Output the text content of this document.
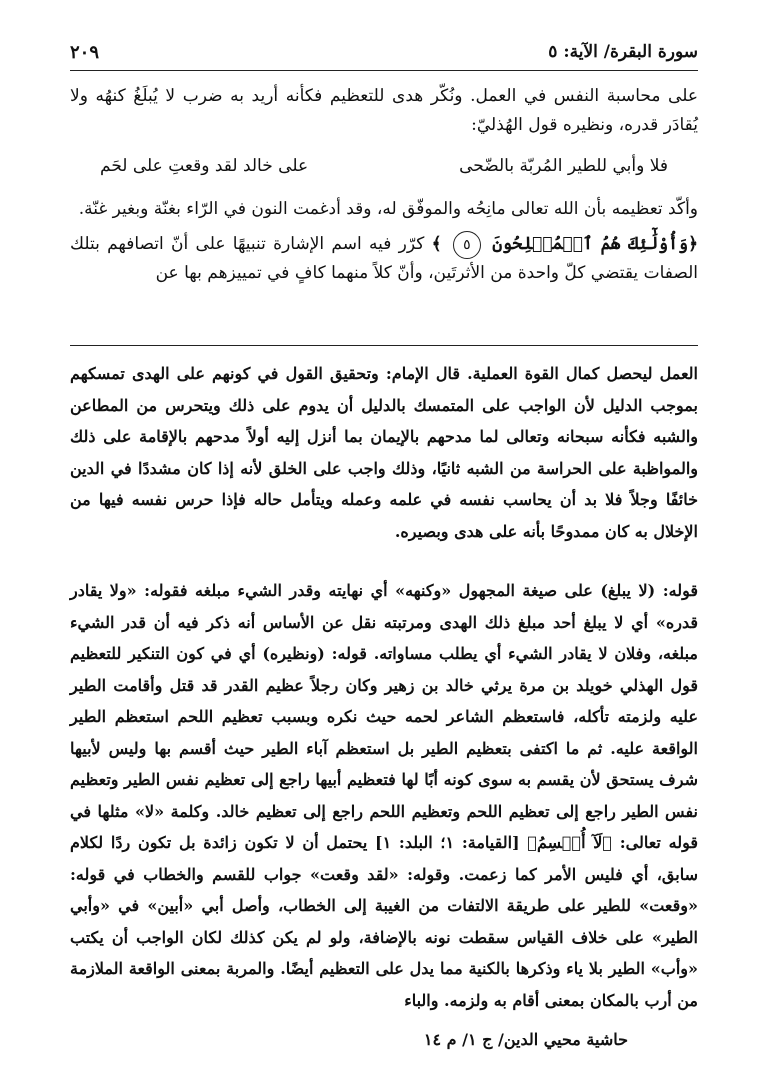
سورة البقرة/ الآية: ٥
٢٠٩

على محاسبة النفس في العمل. ونُكّر هدى للتعظيم فكأنه أريد به ضرب لا يُبلَغُ كنهُه ولا يُقادَر قدره، ونظيره قول الهُذليّ:

فلا وأبي للطير المُربّة بالضّحى
على خالد لقد وقعتِ على لحَم

وأكّد تعظيمه بأن الله تعالى مانِحُه والموفّق له، وقد أدغمت النون في الرّاء بغنّة وبغير غنّة.

﴿وَأُوْلَٰٓئِكَ هُمُ ٱلۡمُفۡلِحُونَ ٥ ﴾ كرّر فيه اسم الإشارة تنبيهًا على أنّ اتصافهم بتلك الصفات يقتضي كلّ واحدة من الأثرتَين، وأنّ كلاً منهما كافٍ في تمييزهم بها عن

العمل ليحصل كمال القوة العملية. قال الإمام: وتحقيق القول في كونهم على الهدى تمسكهم بموجب الدليل لأن الواجب على المتمسك بالدليل أن يدوم على ذلك ويتحرس من المطاعن والشبه فكأنه سبحانه وتعالى لما مدحهم بالإيمان بما أنزل إليه أولاً مدحهم بالإقامة على ذلك والمواظبة على الحراسة من الشبه ثانيًا، وذلك واجب على الخلق لأنه إذا كان مشددًا في الدين خائفًا وجلاً فلا بد أن يحاسب نفسه في علمه وعمله ويتأمل حاله فإذا حرس نفسه فيها من الإخلال به كان ممدوحًا بأنه على هدى وبصيره.

قوله: (لا يبلغ) على صيغة المجهول «وكنهه» أي نهايته وقدر الشيء مبلغه فقوله: «ولا يقادر قدره» أي لا يبلغ أحد مبلغ ذلك الهدى ومرتبته نقل عن الأساس أنه ذكر فيه أن قدر الشيء مبلغه، وفلان لا يقادر الشيء أي يطلب مساواته. قوله: (ونظيره) أي في كون التنكير للتعظيم قول الهذلي خويلد بن مرة يرثي خالد بن زهير وكان رجلاً عظيم القدر قد قتل وأقامت الطير عليه ولزمته تأكله، فاستعظم الشاعر لحمه حيث نكره وبسبب تعظيم اللحم استعظم الطير الواقعة عليه. ثم ما اكتفى بتعظيم الطير بل استعظم آباء الطير حيث أقسم بها وليس لأبيها شرف يستحق لأن يقسم به سوى كونه أبًا لها فتعظيم أبيها راجع إلى تعظيم نفس الطير وتعظيم نفس الطير راجع إلى تعظيم اللحم وتعظيم اللحم راجع إلى تعظيم خالد. وكلمة «لا» مثلها في قوله تعالى: ﴿لَآ أُقۡسِمُ﴾ [القيامة: ١؛ البلد: ١] يحتمل أن لا تكون زائدة بل تكون ردًا لكلام سابق، أي فليس الأمر كما زعمت. وقوله: «لقد وقعت» جواب للقسم والخطاب في قوله: «وقعت» للطير على طريقة الالتفات من الغيبة إلى الخطاب، وأصل أبي «أبين» في «وأبي الطير» على خلاف القياس سقطت نونه بالإضافة، ولو لم يكن كذلك لكان الواجب أن يكتب «وأب» الطير بلا ياء وذكرها بالكنية مما يدل على التعظيم أيضًا. والمربة بمعنى الواقعة الملازمة من أرب بالمكان بمعنى أقام به ولزمه. والباء

حاشية محيي الدين/ ج ١/ م ١٤
